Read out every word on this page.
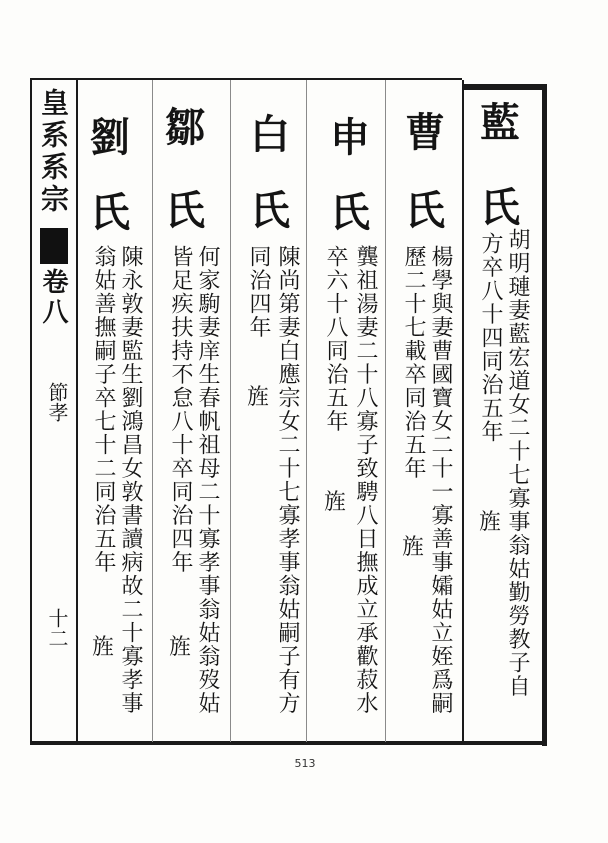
皇系系宗
卷八
節孝
十二
藍
氏
胡明璉妻藍宏道女二十七寡事翁姑勤勞教子自
方卒八十四同治五年
旌
曹
氏
楊學與妻曹國寶女二十一寡善事孀姑立姪爲嗣
歷二十七載卒同治五年
旌
申
氏
龔祖湯妻二十八寡子致騁八日撫成立承歡菽水
卒六十八同治五年
旌
白
氏
陳尚第妻白應宗女二十七寡孝事翁姑嗣子有方
同治四年
旌
鄒
氏
何家駒妻庠生春帆祖母二十寡孝事翁姑翁歿姑
皆足疾扶持不怠八十卒同治四年
旌
劉
氏
陳永敦妻監生劉鴻昌女敦書讀病故二十寡孝事
翁姑善撫嗣子卒七十二同治五年
旌
513
